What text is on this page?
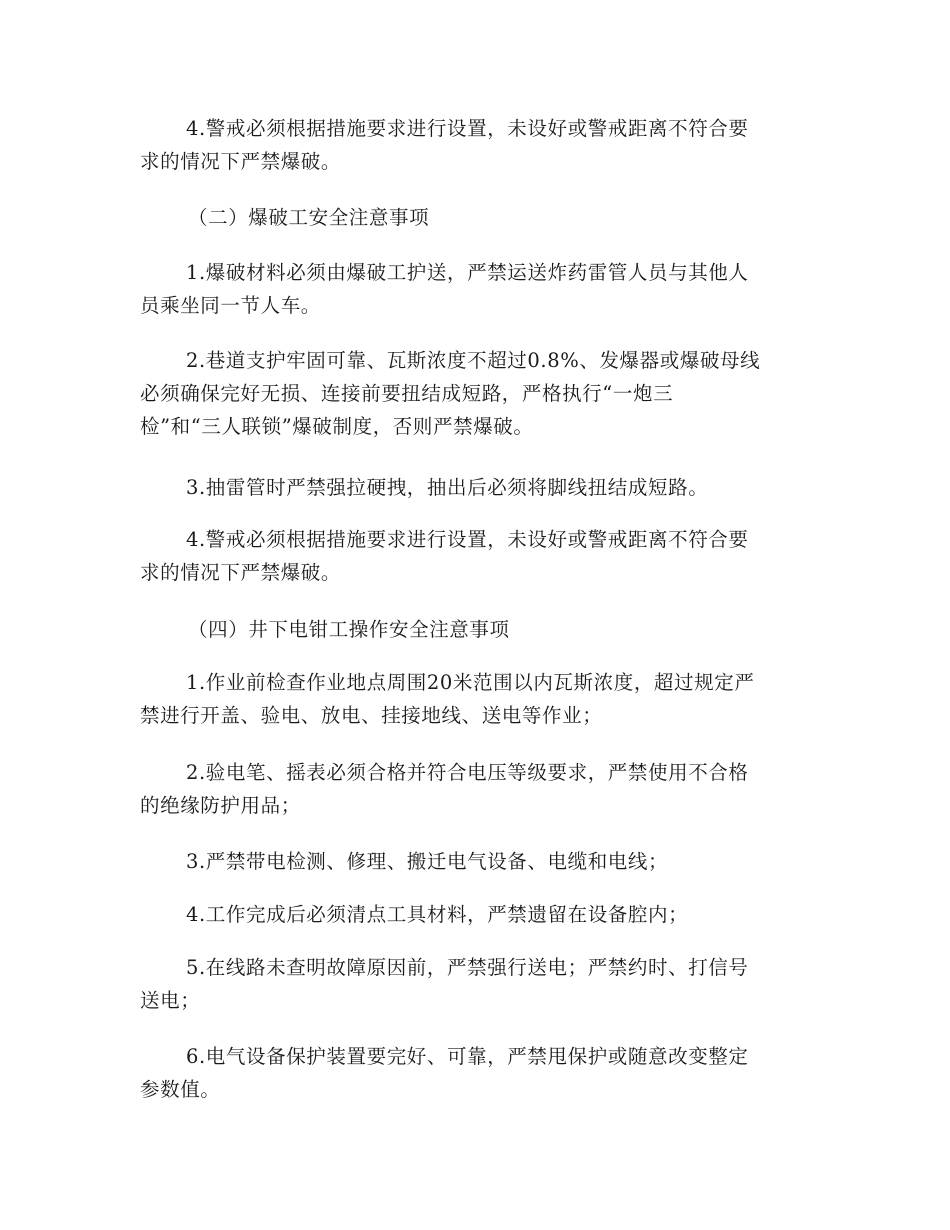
4.警戒必须根据措施要求进行设置，未设好或警戒距离不符合要
求的情况下严禁爆破。

（二）爆破工安全注意事项

1.爆破材料必须由爆破工护送，严禁运送炸药雷管人员与其他人
员乘坐同一节人车。

2.巷道支护牢固可靠、瓦斯浓度不超过0.8%、发爆器或爆破母线
必须确保完好无损、连接前要扭结成短路，严格执行“一炮三
检”和“三人联锁”爆破制度，否则严禁爆破。

3.抽雷管时严禁强拉硬拽，抽出后必须将脚线扭结成短路。

4.警戒必须根据措施要求进行设置，未设好或警戒距离不符合要
求的情况下严禁爆破。

（四）井下电钳工操作安全注意事项

1.作业前检查作业地点周围20米范围以内瓦斯浓度，超过规定严
禁进行开盖、验电、放电、挂接地线、送电等作业；

2.验电笔、摇表必须合格并符合电压等级要求，严禁使用不合格
的绝缘防护用品；

3.严禁带电检测、修理、搬迁电气设备、电缆和电线；

4.工作完成后必须清点工具材料，严禁遗留在设备腔内；

5.在线路未查明故障原因前，严禁强行送电；严禁约时、打信号
送电；

6.电气设备保护装置要完好、可靠，严禁甩保护或随意改变整定
参数值。
